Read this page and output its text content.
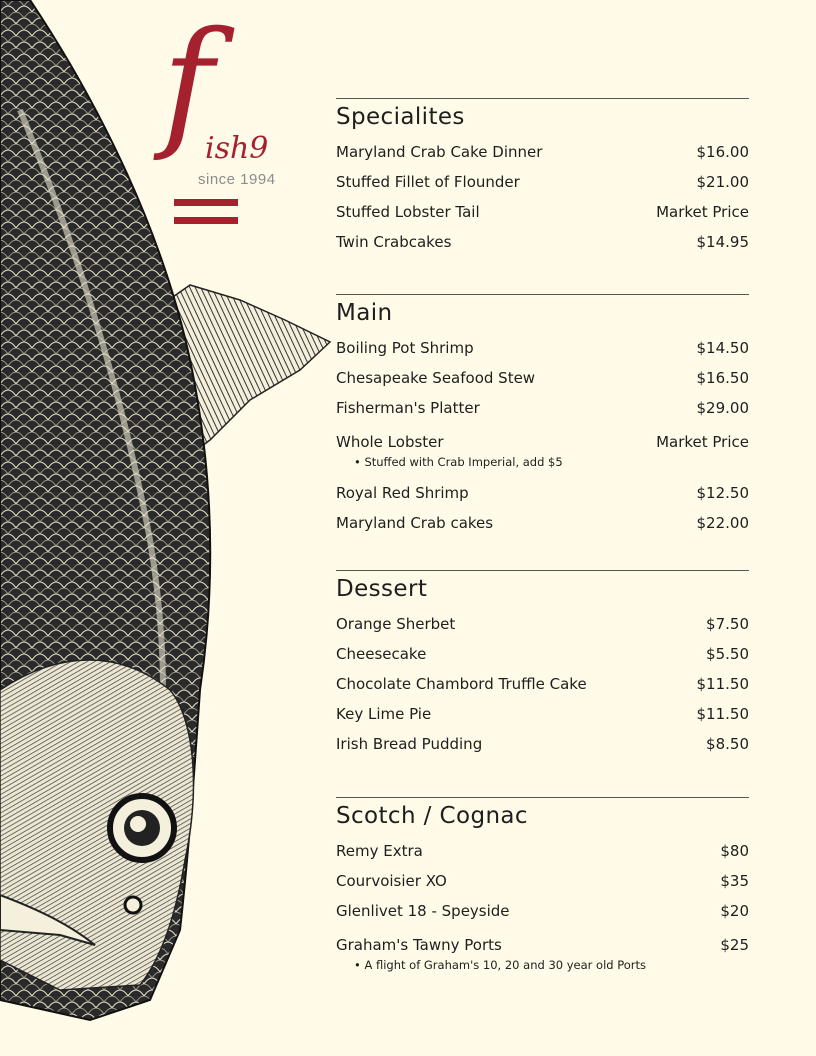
f
ish9
since 1994
Specialites
Maryland Crab Cake Dinner	$16.00
Stuffed Fillet of Flounder	$21.00
Stuffed Lobster Tail	Market Price
Twin Crabcakes	$14.95
Main
Boiling Pot Shrimp	$14.50
Chesapeake Seafood Stew	$16.50
Fisherman's Platter	$29.00
Whole Lobster	Market Price
• Stuffed with Crab Imperial, add $5
Royal Red Shrimp	$12.50
Maryland Crab cakes	$22.00
Dessert
Orange Sherbet	$7.50
Cheesecake	$5.50
Chocolate Chambord Truffle Cake	$11.50
Key Lime Pie	$11.50
Irish Bread Pudding	$8.50
Scotch / Cognac
Remy Extra	$80
Courvoisier XO	$35
Glenlivet 18 - Speyside	$20
Graham's Tawny Ports	$25
• A flight of Graham's 10, 20 and 30 year old Ports
